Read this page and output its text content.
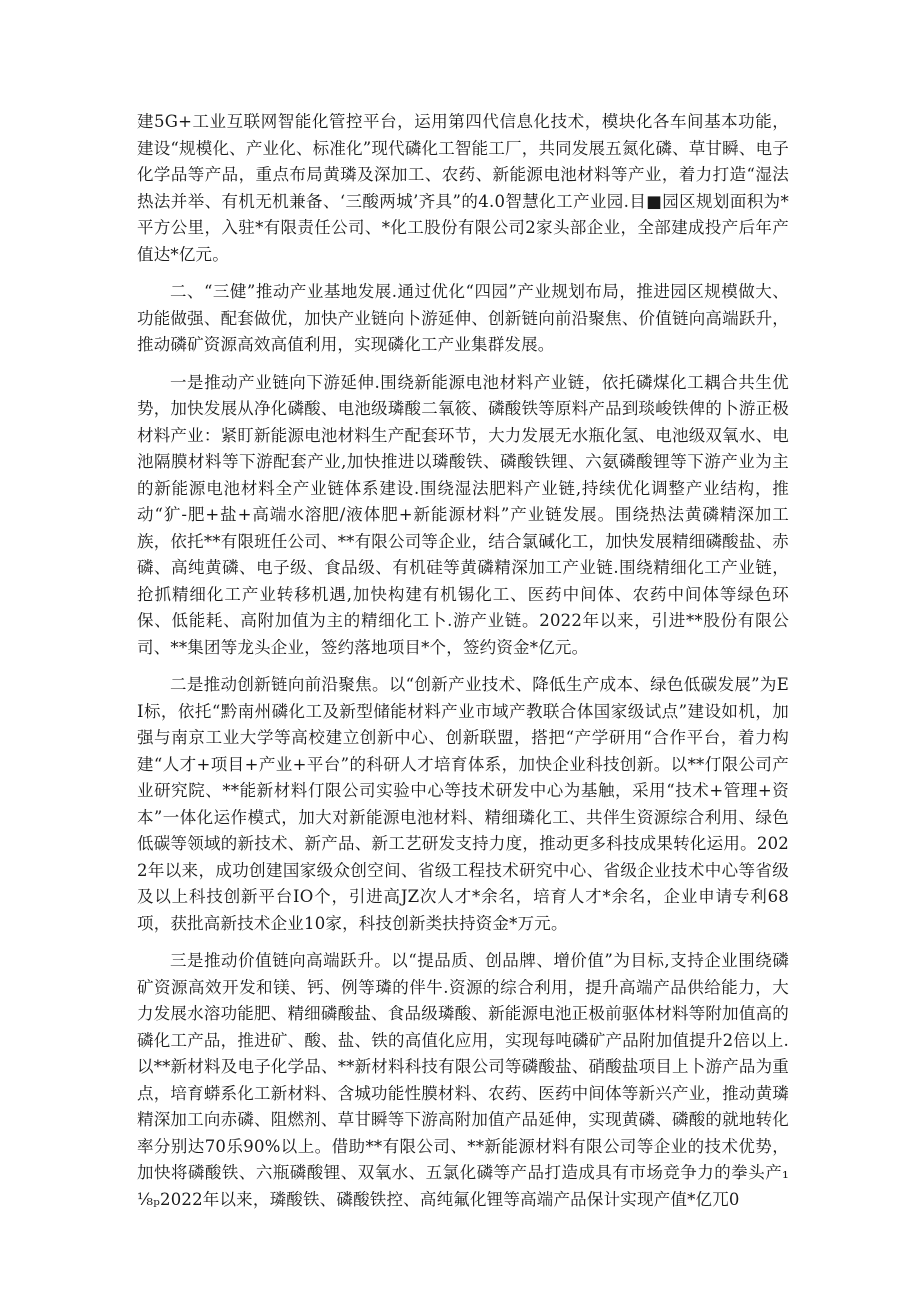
建5G+工业互联网智能化管控平台，运用第四代信息化技术，模块化各车间基本功能，建设“规模化、产业化、标准化”现代磷化工智能工厂，共同发展五氮化磷、草甘瞬、电子化学品等产品，重点布局黄璘及深加工、农药、新能源电池材料等产业，着力打造“湿法热法并举、有机无机兼备、‘三酸两城’齐具”的4.0智慧化工产业园.目■园区规划面积为*平方公里，入驻*有限责任公司、*化工股份有限公司2家头部企业，全部建成投产后年产值达*亿元。

二、“三健”推动产业基地发展.通过优化“四园”产业规划布局，推进园区规模做大、功能做强、配套做优，加快产业链向卜游延伸、创新链向前沿聚焦、价值链向高端跃升，推动磷矿资源高效高值利用，实现磷化工产业集群发展。

一是推动产业链向下游延伸.围绕新能源电池材料产业链，依托磷煤化工耦合共生优势，加快发展从净化磷酸、电池级璘酸二氧筱、磷酸铁等原料产品到琰峻铁俾的卜游正极材料产业：紧盯新能源电池材料生产配套环节，大力发展无水瓶化氢、电池级双氧水、电池隔膜材料等下游配套产业,加快推进以璘酸铁、磷酸铁锂、六氨磷酸锂等下游产业为主的新能源电池材料全产业链体系建设.围绕湿法肥料产业链,持续优化调整产业结构，推动“犷-肥+盐+高端水溶肥/液体肥+新能源材料”产业链发展。围绕热法黄磷精深加工族，依托**有限班任公司、**有限公司等企业，结合氯碱化工，加快发展精细磷酸盐、赤磷、高纯黄磷、电子级、食品级、有机硅等黄磷精深加工产业链.围绕精细化工产业链，抢抓精细化工产业转移机遇,加快构建有机锡化工、医药中间体、农药中间体等绿色环保、低能耗、高附加值为主的精细化工卜.游产业链。2022年以来，引进**股份有限公司、**集团等龙头企业，签约落地项目*个，签约资金*亿元。

二是推动创新链向前沿聚焦。以“创新产业技术、降低生产成本、绿色低碳发展”为EI标，依托“黔南州磷化工及新型储能材料产业市域产教联合体国家级试点”建设如机，加强与南京工业大学等高校建立创新中心、创新联盟，搭把“产学研用“合作平台，着力构建“人才+项目+产业+平台”的科研人才培育体系，加快企业科技创新。以**仃限公司产业研究院、**能新材料仃限公司实验中心等技术研发中心为基触，采用“技术+管理+资本”一体化运作模式，加大对新能源电池材料、精细璘化工、共伴生资源综合利用、绿色低碳等领域的新技术、新产品、新工艺研发支持力度，推动更多科技成果转化运用。2022年以来，成功创建国家级众创空间、省级工程技术研究中心、省级企业技术中心等省级及以上科技创新平台IO个，引进高JZ次人才*余名，培育人才*余名，企业申请专利68项，获批高新技术企业10家，科技创新类扶持资金*万元。

三是推动价值链向高端跃升。以“提品质、创品牌、增价值”为目标,支持企业围绕磷矿资源高效开发和镁、钙、例等璘的伴牛.资源的综合利用，提升高端产品供给能力，大力发展水溶功能肥、精细磷酸盐、食品级璘酸、新能源电池正极前驱体材料等附加值高的磷化工产品，推进矿、酸、盐、铁的高值化应用，实现每吨磷矿产品附加值提升2倍以上.以**新材料及电子化学品、**新材料科技有限公司等磷酸盐、硝酸盐项目上卜游产品为重点，培育蟒系化工新材料、含城功能性膜材料、农药、医药中间体等新兴产业，推动黄璘精深加工向赤磷、阻燃剂、草甘瞬等下游高附加值产品延伸，实现黄磷、磷酸的就地转化率分别达70乐90%以上。借助**有限公司、**新能源材料有限公司等企业的技术优势，加快将磷酸铁、六瓶磷酸锂、双氧水、五氯化磷等产品打造成具有市场竞争力的拳头产₁⅛ₚ2022年以来，璘酸铁、磷酸铁控、高纯氟化锂等高端产品保计实现产值*亿兀0
